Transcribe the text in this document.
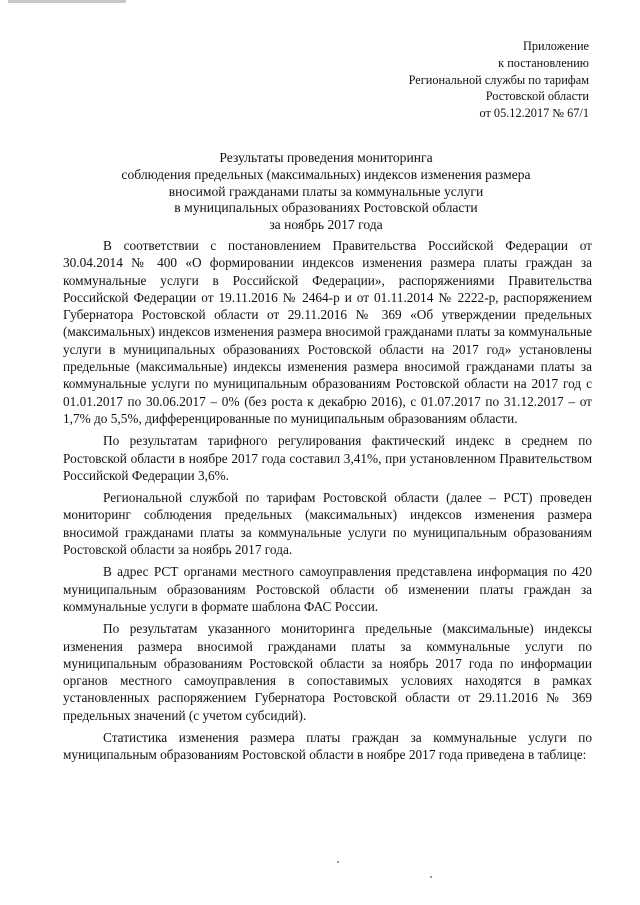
Приложение
к постановлению
Региональной службы по тарифам
Ростовской области
от 05.12.2017 № 67/1
Результаты проведения мониторинга
соблюдения предельных (максимальных) индексов изменения размера
вносимой гражданами платы за коммунальные услуги
в муниципальных образованиях Ростовской области
за ноябрь 2017 года

В соответствии с постановлением Правительства Российской Федерации от 30.04.2014 № 400 «О формировании индексов изменения размера платы граждан за коммунальные услуги в Российской Федерации», распоряжениями Правительства Российской Федерации от 19.11.2016 № 2464-р и от 01.11.2014 № 2222-р, распоряжением Губернатора Ростовской области от 29.11.2016 № 369 «Об утверждении предельных (максимальных) индексов изменения размера вносимой гражданами платы за коммунальные услуги в муниципальных образованиях Ростовской области на 2017 год» установлены предельные (максимальные) индексы изменения размера вносимой гражданами платы за коммунальные услуги по муниципальным образованиям Ростовской области на 2017 год с 01.01.2017 по 30.06.2017 – 0% (без роста к декабрю 2016), с 01.07.2017 по 31.12.2017 – от 1,7% до 5,5%, дифференцированные по муниципальным образованиям области.

По результатам тарифного регулирования фактический индекс в среднем по Ростовской области в ноябре 2017 года составил 3,41%, при установленном Правительством Российской Федерации 3,6%.

Региональной службой по тарифам Ростовской области (далее – РСТ) проведен мониторинг соблюдения предельных (максимальных) индексов изменения размера вносимой гражданами платы за коммунальные услуги по муниципальным образованиям Ростовской области за ноябрь 2017 года.

В адрес РСТ органами местного самоуправления представлена информация по 420 муниципальным образованиям Ростовской области об изменении платы граждан за коммунальные услуги в формате шаблона ФАС России.

По результатам указанного мониторинга предельные (максимальные) индексы изменения размера вносимой гражданами платы за коммунальные услуги по муниципальным образованиям Ростовской области за ноябрь 2017 года по информации органов местного самоуправления в сопоставимых условиях находятся в рамках установленных распоряжением Губернатора Ростовской области от 29.11.2016 № 369 предельных значений (с учетом субсидий).

Статистика изменения размера платы граждан за коммунальные услуги по муниципальным образованиям Ростовской области в ноябре 2017 года приведена в таблице:
